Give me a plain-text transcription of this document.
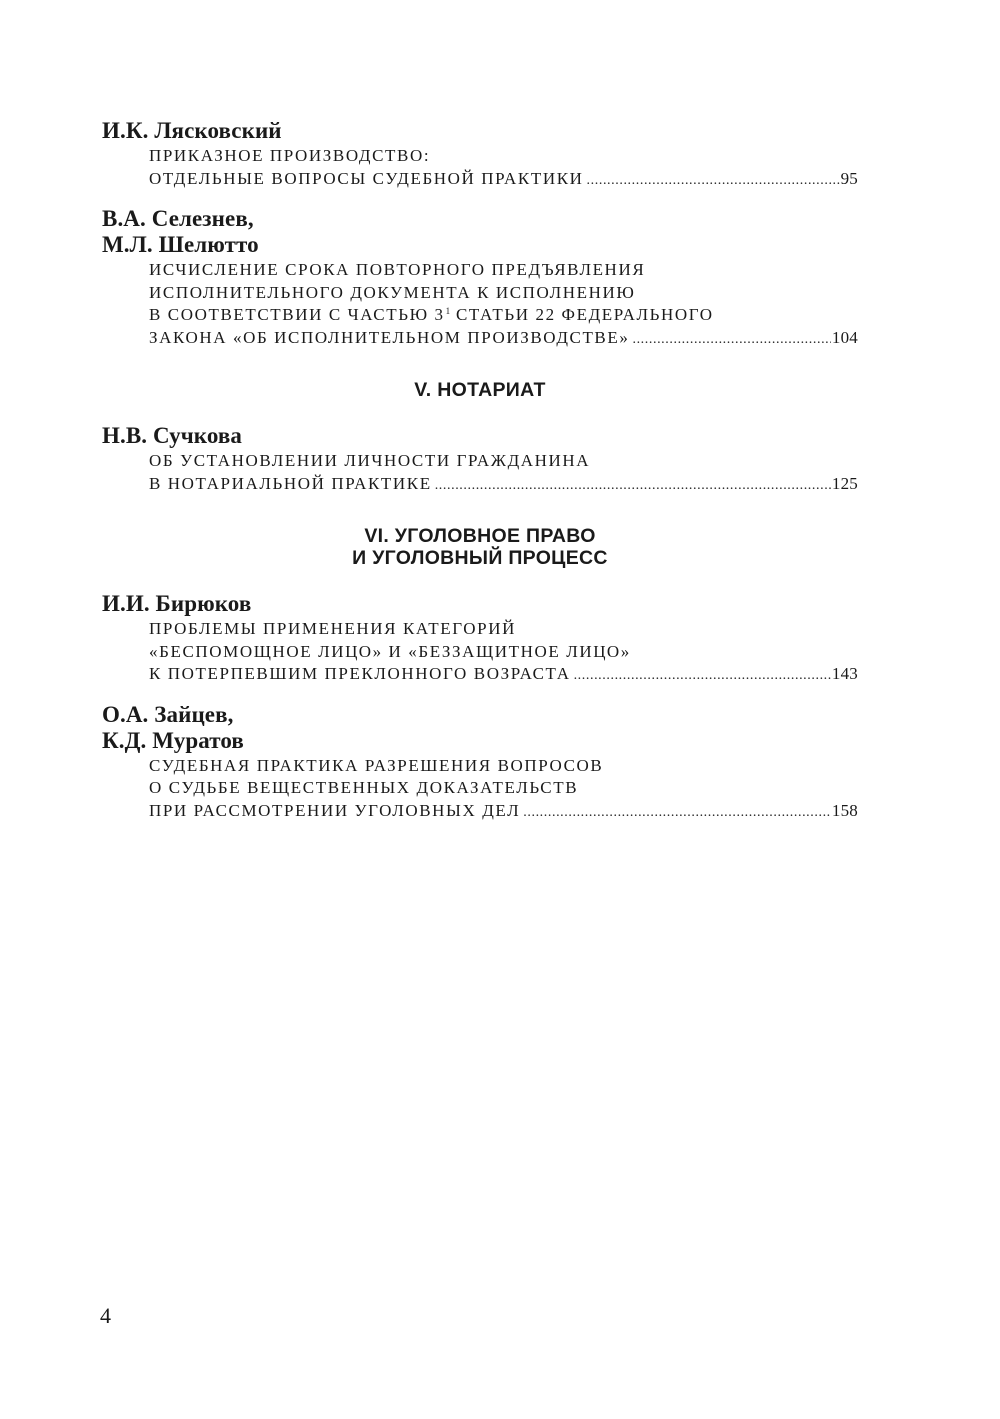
И.К. Лясковский

ПРИКАЗНОЕ ПРОИЗВОДСТВО:

ОТДЕЛЬНЫЕ ВОПРОСЫ СУДЕБНОЙ ПРАКТИКИ .....	95

В.А. Селезнев,

М.Л. Шелютто

ИСЧИСЛЕНИЕ СРОКА ПОВТОРНОГО ПРЕДЪЯВЛЕНИЯ

ИСПОЛНИТЕЛЬНОГО ДОКУМЕНТА К ИСПОЛНЕНИЮ

В СООТВЕТСТВИИ С ЧАСТЬЮ $3^1$ СТАТЬИ 22 ФЕДЕРАЛЬНОГО

ЗАКОНА «ОБ ИСПОЛНИТЕЛЬНОМ ПРОИЗВОДСТВЕ» .....	104

V. НОТАРИАТ

Н.В. Сучкова

ОБ УСТАНОВЛЕНИИ ЛИЧНОСТИ ГРАЖДАНИНА

В НОТАРИАЛЬНОЙ ПРАКТИКЕ .....	125

VI. УГОЛОВНОЕ ПРАВО

И УГОЛОВНЫЙ ПРОЦЕСС

И.И. Бирюков

ПРОБЛЕМЫ ПРИМЕНЕНИЯ КАТЕГОРИЙ

«БЕСПОМОЩНОЕ ЛИЦО» И «БЕЗЗАЩИТНОЕ ЛИЦО»

К ПОТЕРПЕВШИМ ПРЕКЛОННОГО ВОЗРАСТА .....	143

О.А. Зайцев,

К.Д. Муратов

СУДЕБНАЯ ПРАКТИКА РАЗРЕШЕНИЯ ВОПРОСОВ

О СУДЬБЕ ВЕЩЕСТВЕННЫХ ДОКАЗАТЕЛЬСТВ

ПРИ РАССМОТРЕНИИ УГОЛОВНЫХ ДЕЛ .....	158

4
